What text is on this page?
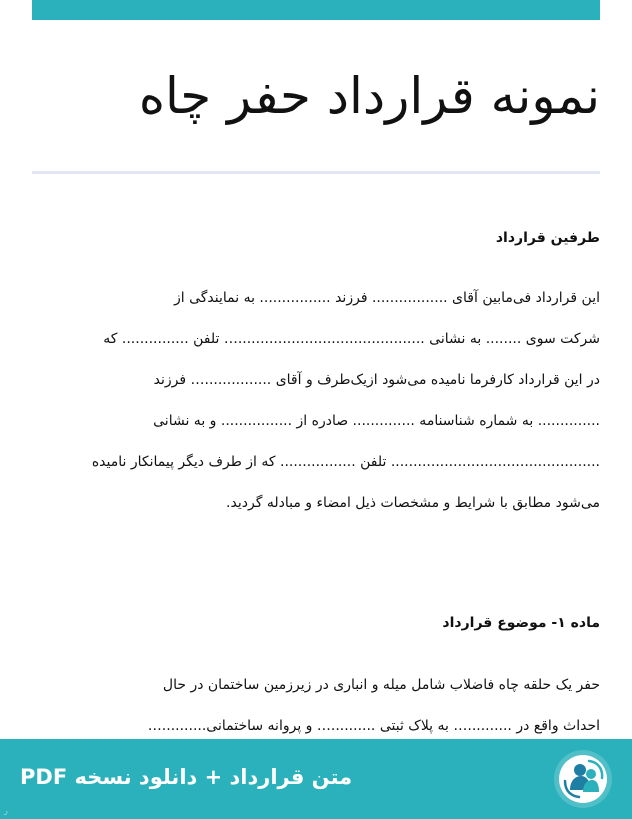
نمونه قرارداد حفر چاه
طرفین قرارداد

این قرارداد فی‌مابین آقای ................. فرزند ................ به نمایندگی از
شرکت سوی ........ به نشانی ..........................................… تلفن ............... که
در این قرارداد کارفرما نامیده می‌شود ازیک‌طرف و آقای ...............… فرزند
.............. به شماره شناسنامه .............. صادره از ................ و به نشانی
............................................... تلفن ................. که از طرف دیگر پیمانکار نامیده
می‌شود مطابق با شرایط و مشخصات ذیل امضاء و مبادله گردید.

ماده ۱- موضوع قرارداد

حفر یک حلقه چاه فاضلاب شامل میله و انباری در زیرزمین ساختمان در حال
احداث واقع در ..........… به پلاک ثبتی ..........… و پروانه ساختمانی..........…

متن قرارداد + دانلود نسخه PDF
ر
